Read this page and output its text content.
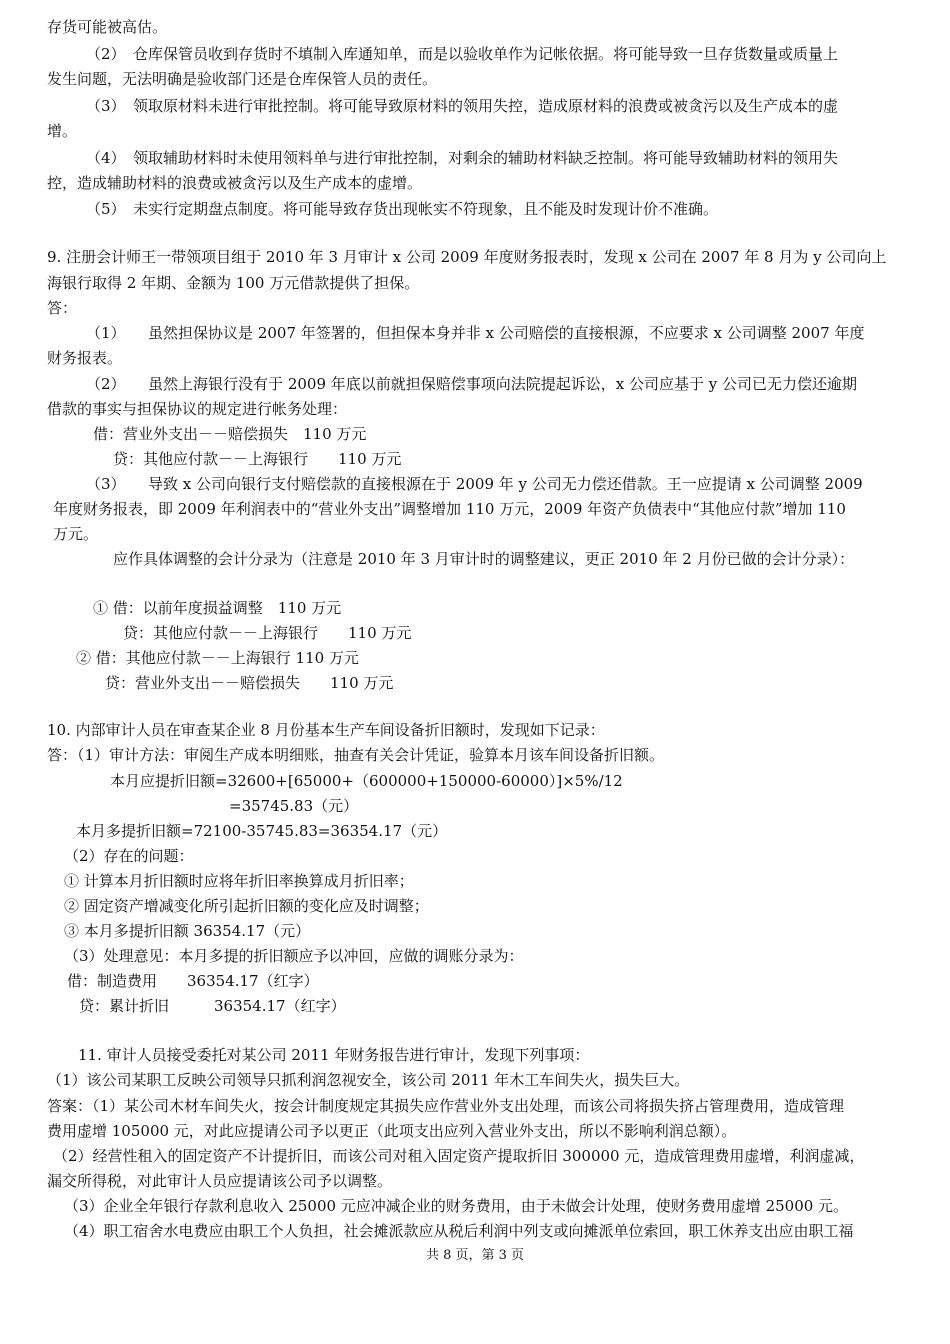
存货可能被高估。
（2）　仓库保管员收到存货时不填制入库通知单，而是以验收单作为记帐依据。将可能导致一旦存货数量或质量上
发生问题，无法明确是验收部门还是仓库保管人员的责任。
（3）　领取原材料未进行审批控制。将可能导致原材料的领用失控，造成原材料的浪费或被贪污以及生产成本的虚
增。
（4）　领取辅助材料时未使用领料单与进行审批控制，对剩余的辅助材料缺乏控制。将可能导致辅助材料的领用失
控，造成辅助材料的浪费或被贪污以及生产成本的虚增。
（5）　未实行定期盘点制度。将可能导致存货出现帐实不符现象，且不能及时发现计价不准确。
9. 注册会计师王一带领项目组于 2010 年 3 月审计 x 公司 2009 年度财务报表时，发现 x 公司在 2007 年 8 月为 y 公司向上
海银行取得 2 年期、金额为 100 万元借款提供了担保。
答：
（1）　　虽然担保协议是 2007 年签署的，但担保本身并非 x 公司赔偿的直接根源，不应要求 x 公司调整 2007 年度
财务报表。
（2）　　虽然上海银行没有于 2009 年底以前就担保赔偿事项向法院提起诉讼，x 公司应基于 y 公司已无力偿还逾期
借款的事实与担保协议的规定进行帐务处理：
借：营业外支出－－赔偿损失　110 万元
贷：其他应付款－－上海银行　　110 万元
（3）　　导致 x 公司向银行支付赔偿款的直接根源在于 2009 年 y 公司无力偿还借款。王一应提请 x 公司调整 2009
年度财务报表，即 2009 年利润表中的“营业外支出”调整增加 110 万元，2009 年资产负债表中“其他应付款”增加 110
万元。
应作具体调整的会计分录为（注意是 2010 年 3 月审计时的调整建议，更正 2010 年 2 月份已做的会计分录）：
① 借：以前年度损益调整　110 万元
贷：其他应付款－－上海银行　　110 万元
② 借：其他应付款－－上海银行 110 万元
贷：营业外支出－－赔偿损失　　110 万元
10. 内部审计人员在审查某企业 8 月份基本生产车间设备折旧额时，发现如下记录：
答：（1）审计方法：审阅生产成本明细账，抽查有关会计凭证，验算本月该车间设备折旧额。
本月应提折旧额=32600+[65000+（600000+150000-60000）]×5%/12
=35745.83（元）
本月多提折旧额=72100-35745.83=36354.17（元）
（2）存在的问题：
① 计算本月折旧额时应将年折旧率换算成月折旧率；
② 固定资产增减变化所引起折旧额的变化应及时调整；
③ 本月多提折旧额 36354.17（元）
（3）处理意见：本月多提的折旧额应予以冲回，应做的调账分录为：
借：制造费用　　36354.17（红字）
贷：累计折旧　　　36354.17（红字）
11. 审计人员接受委托对某公司 2011 年财务报告进行审计，发现下列事项：
（1）该公司某职工反映公司领导只抓利润忽视安全，该公司 2011 年木工车间失火，损失巨大。
答案：（1）某公司木材车间失火，按会计制度规定其损失应作营业外支出处理，而该公司将损失挤占管理费用，造成管理
费用虚增 105000 元，对此应提请公司予以更正（此项支出应列入营业外支出，所以不影响利润总额）。
（2）经营性租入的固定资产不计提折旧，而该公司对租入固定资产提取折旧 300000 元，造成管理费用虚增，利润虚减，
漏交所得税，对此审计人员应提请该公司予以调整。
（3）企业全年银行存款利息收入 25000 元应冲减企业的财务费用，由于未做会计处理，使财务费用虚增 25000 元。
（4）职工宿舍水电费应由职工个人负担，社会摊派款应从税后利润中列支或向摊派单位索回，职工休养支出应由职工福
共 8 页，第 3 页
